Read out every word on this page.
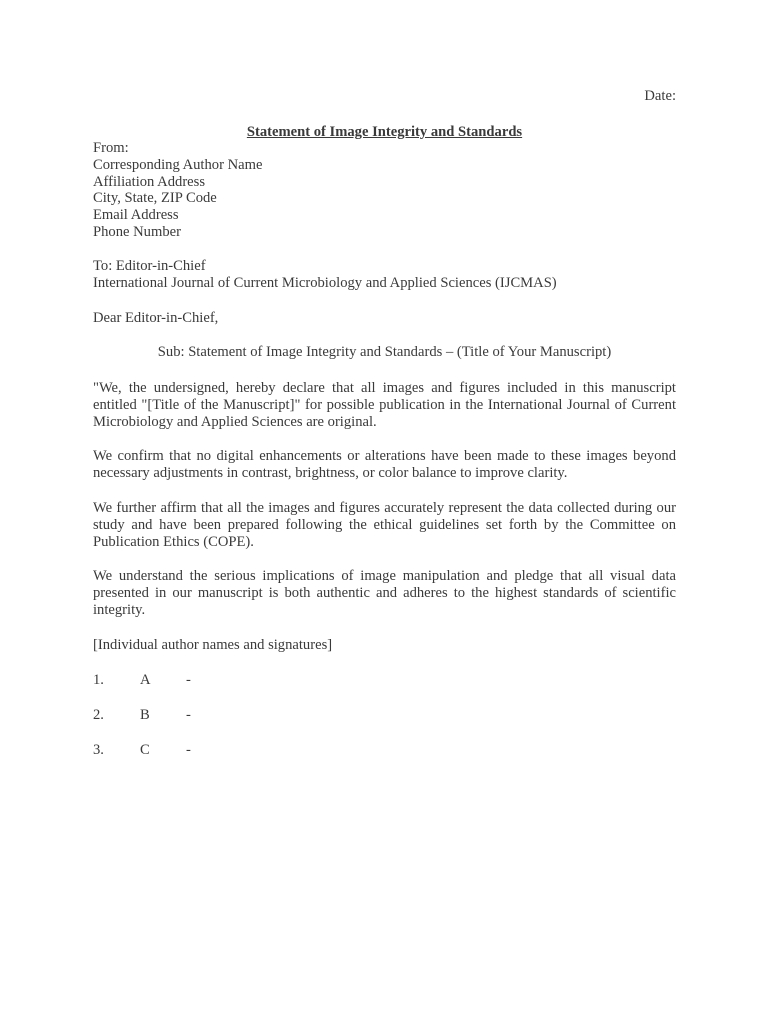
Date:
Statement of Image Integrity and Standards
From:
Corresponding Author Name
Affiliation Address
City, State, ZIP Code
Email Address
Phone Number
To: Editor-in-Chief
International Journal of Current Microbiology and Applied Sciences (IJCMAS)
Dear Editor-in-Chief,
Sub: Statement of Image Integrity and Standards – (Title of Your Manuscript)
"We, the undersigned, hereby declare that all images and figures included in this manuscript entitled "[Title of the Manuscript]" for possible publication in the International Journal of Current Microbiology and Applied Sciences are original.
We confirm that no digital enhancements or alterations have been made to these images beyond necessary adjustments in contrast, brightness, or color balance to improve clarity.
We further affirm that all the images and figures accurately represent the data collected during our study and have been prepared following the ethical guidelines set forth by the Committee on Publication Ethics (COPE).
We understand the serious implications of image manipulation and pledge that all visual data presented in our manuscript is both authentic and adheres to the highest standards of scientific integrity.
[Individual author names and signatures]
1. A -
2. B -
3. C -
